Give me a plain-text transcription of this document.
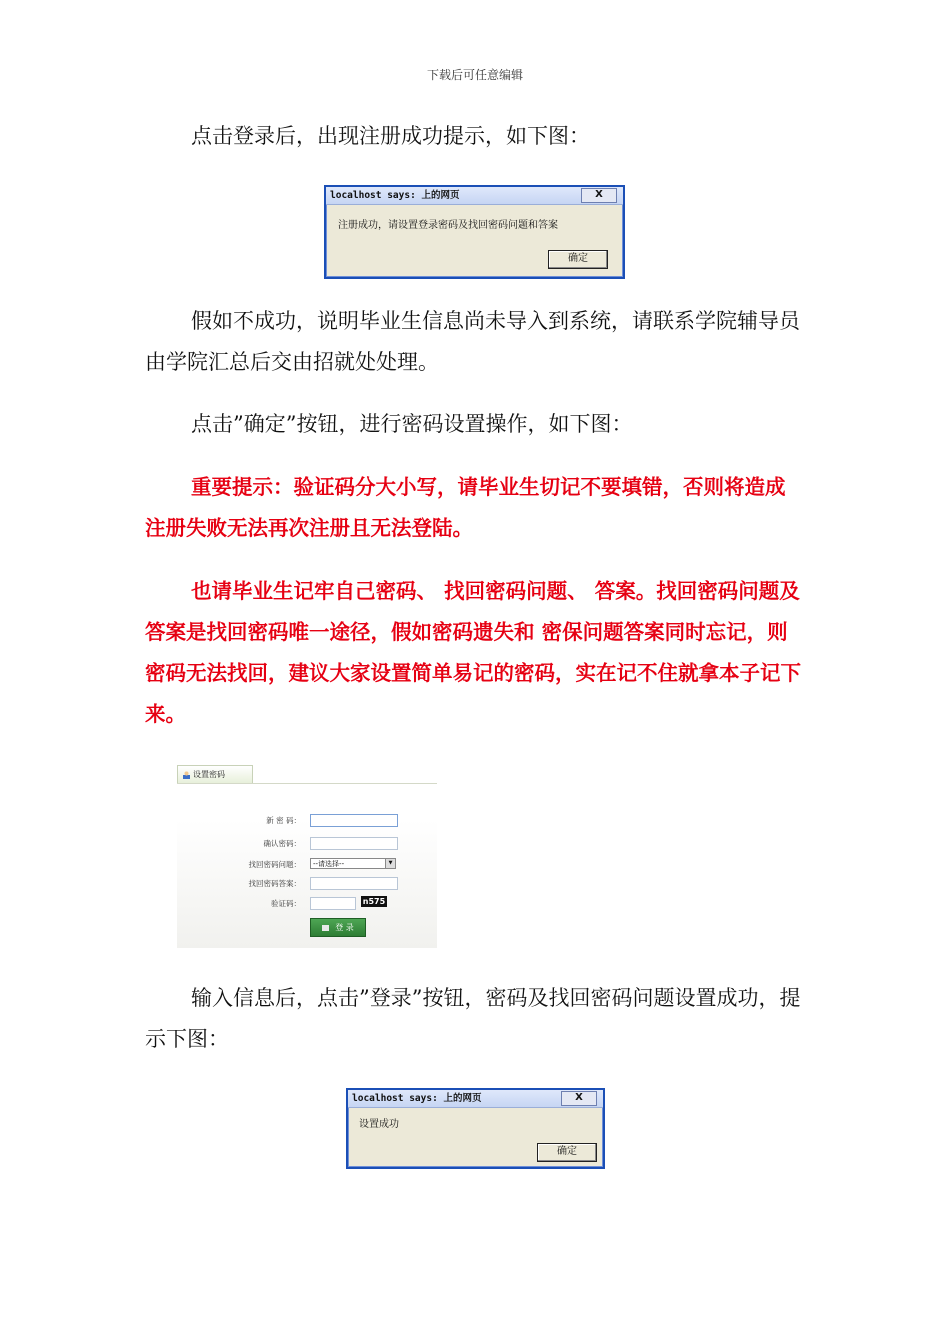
下载后可任意编辑

点击登录后，出现注册成功提示，如下图：

localhost says: 上的网页	X
注册成功，请设置登录密码及找回密码问题和答案
确定

假如不成功，说明毕业生信息尚未导入到系统，请联系学院辅导员由学院汇总后交由招就处处理。

点击”确定”按钮，进行密码设置操作，如下图：

重要提示：验证码分大小写，请毕业生切记不要填错，否则将造成注册失败无法再次注册且无法登陆。

也请毕业生记牢自己密码、 找回密码问题、 答案。找回密码问题及答案是找回密码唯一途径，假如密码遗失和 密保问题答案同时忘记，则密码无法找回，建议大家设置简单易记的密码，实在记不住就拿本子记下来。

设置密码
新 密 码：
确认密码：
找回密码问题：	--请选择--	▼
找回密码答案：
验证码：	n575
登 录

输入信息后，点击”登录”按钮，密码及找回密码问题设置成功，提示下图：

localhost says: 上的网页	X
设置成功
确定
